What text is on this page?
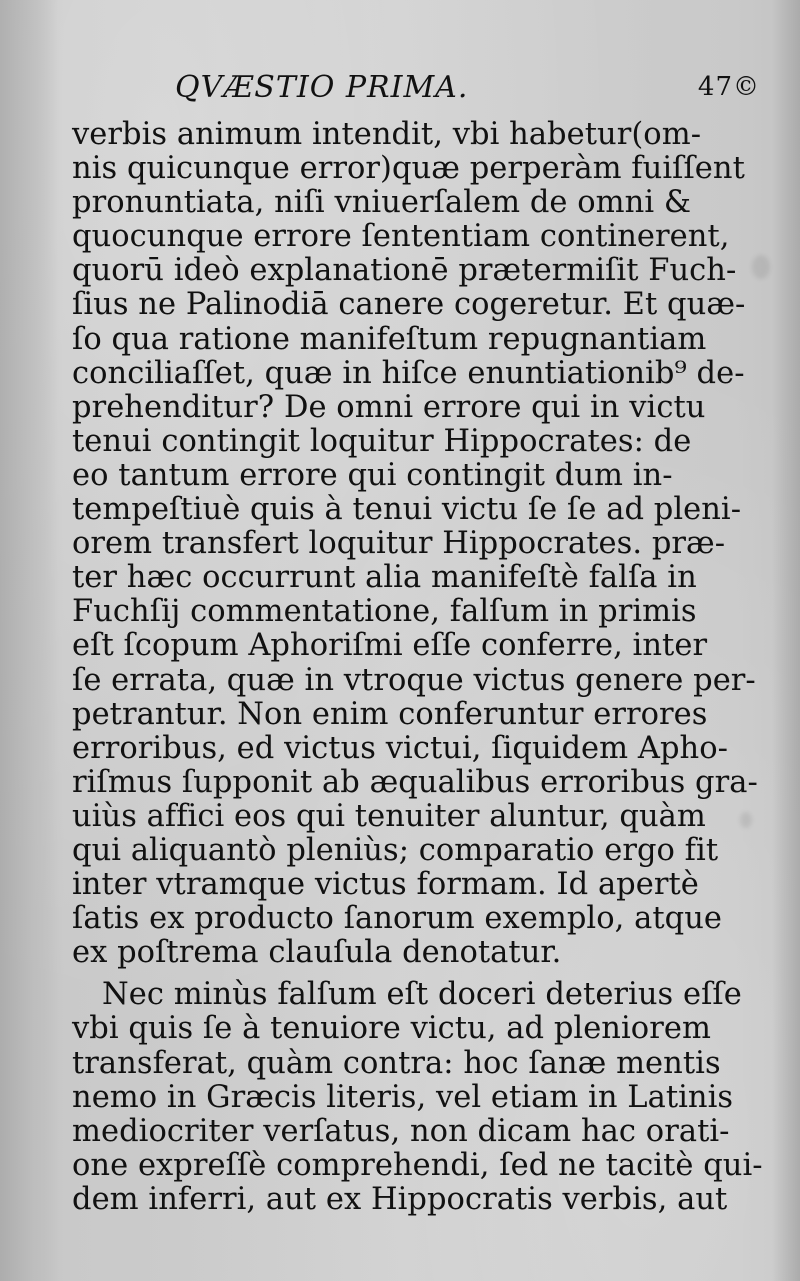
QVÆSTIO PRIMA.	47©
verbis animum intendit, vbi habetur(om-
nis quicunque error)quæ perperàm fuiſſent
pronuntiata, niſi vniuerſalem de omni &
quocunque errore ſententiam continerent,
quorū ideò explanationē prætermiſit Fuch-
ſius ne Palinodiā canere cogeretur. Et quæ-
ſo qua ratione manifeſtum repugnantiam
conciliaſſet, quæ in hiſce enuntiationib⁹ de-
prehenditur? De omni errore qui in victu
tenui contingit loquitur Hippocrates: de
eo tantum errore qui contingit dum in-
tempeſtiuè quis à tenui victu ſe ſe ad pleni-
orem transfert loquitur Hippocrates. præ-
ter hæc occurrunt alia manifeſtè falſa in
Fuchſij commentatione, falſum in primis
eſt ſcopum Aphoriſmi eſſe conferre, inter
ſe errata, quæ in vtroque victus genere per-
petrantur. Non enim conferuntur errores
erroribus, ed victus victui, ſiquidem Apho-
riſmus ſupponit ab æqualibus erroribus gra-
uiùs affici eos qui tenuiter aluntur, quàm
qui aliquantò pleniùs; comparatio ergo fit
inter vtramque victus formam. Id apertè
ſatis ex producto ſanorum exemplo, atque
ex poſtrema clauſula denotatur.
Nec minùs falſum eſt doceri deterius eſſe
vbi quis ſe à tenuiore victu, ad pleniorem
transferat, quàm contra: hoc ſanæ mentis
nemo in Græcis literis, vel etiam in Latinis
mediocriter verſatus, non dicam hac orati-
one expreſſè comprehendi, ſed ne tacitè qui-
dem inferri, aut ex Hippocratis verbis, aut
